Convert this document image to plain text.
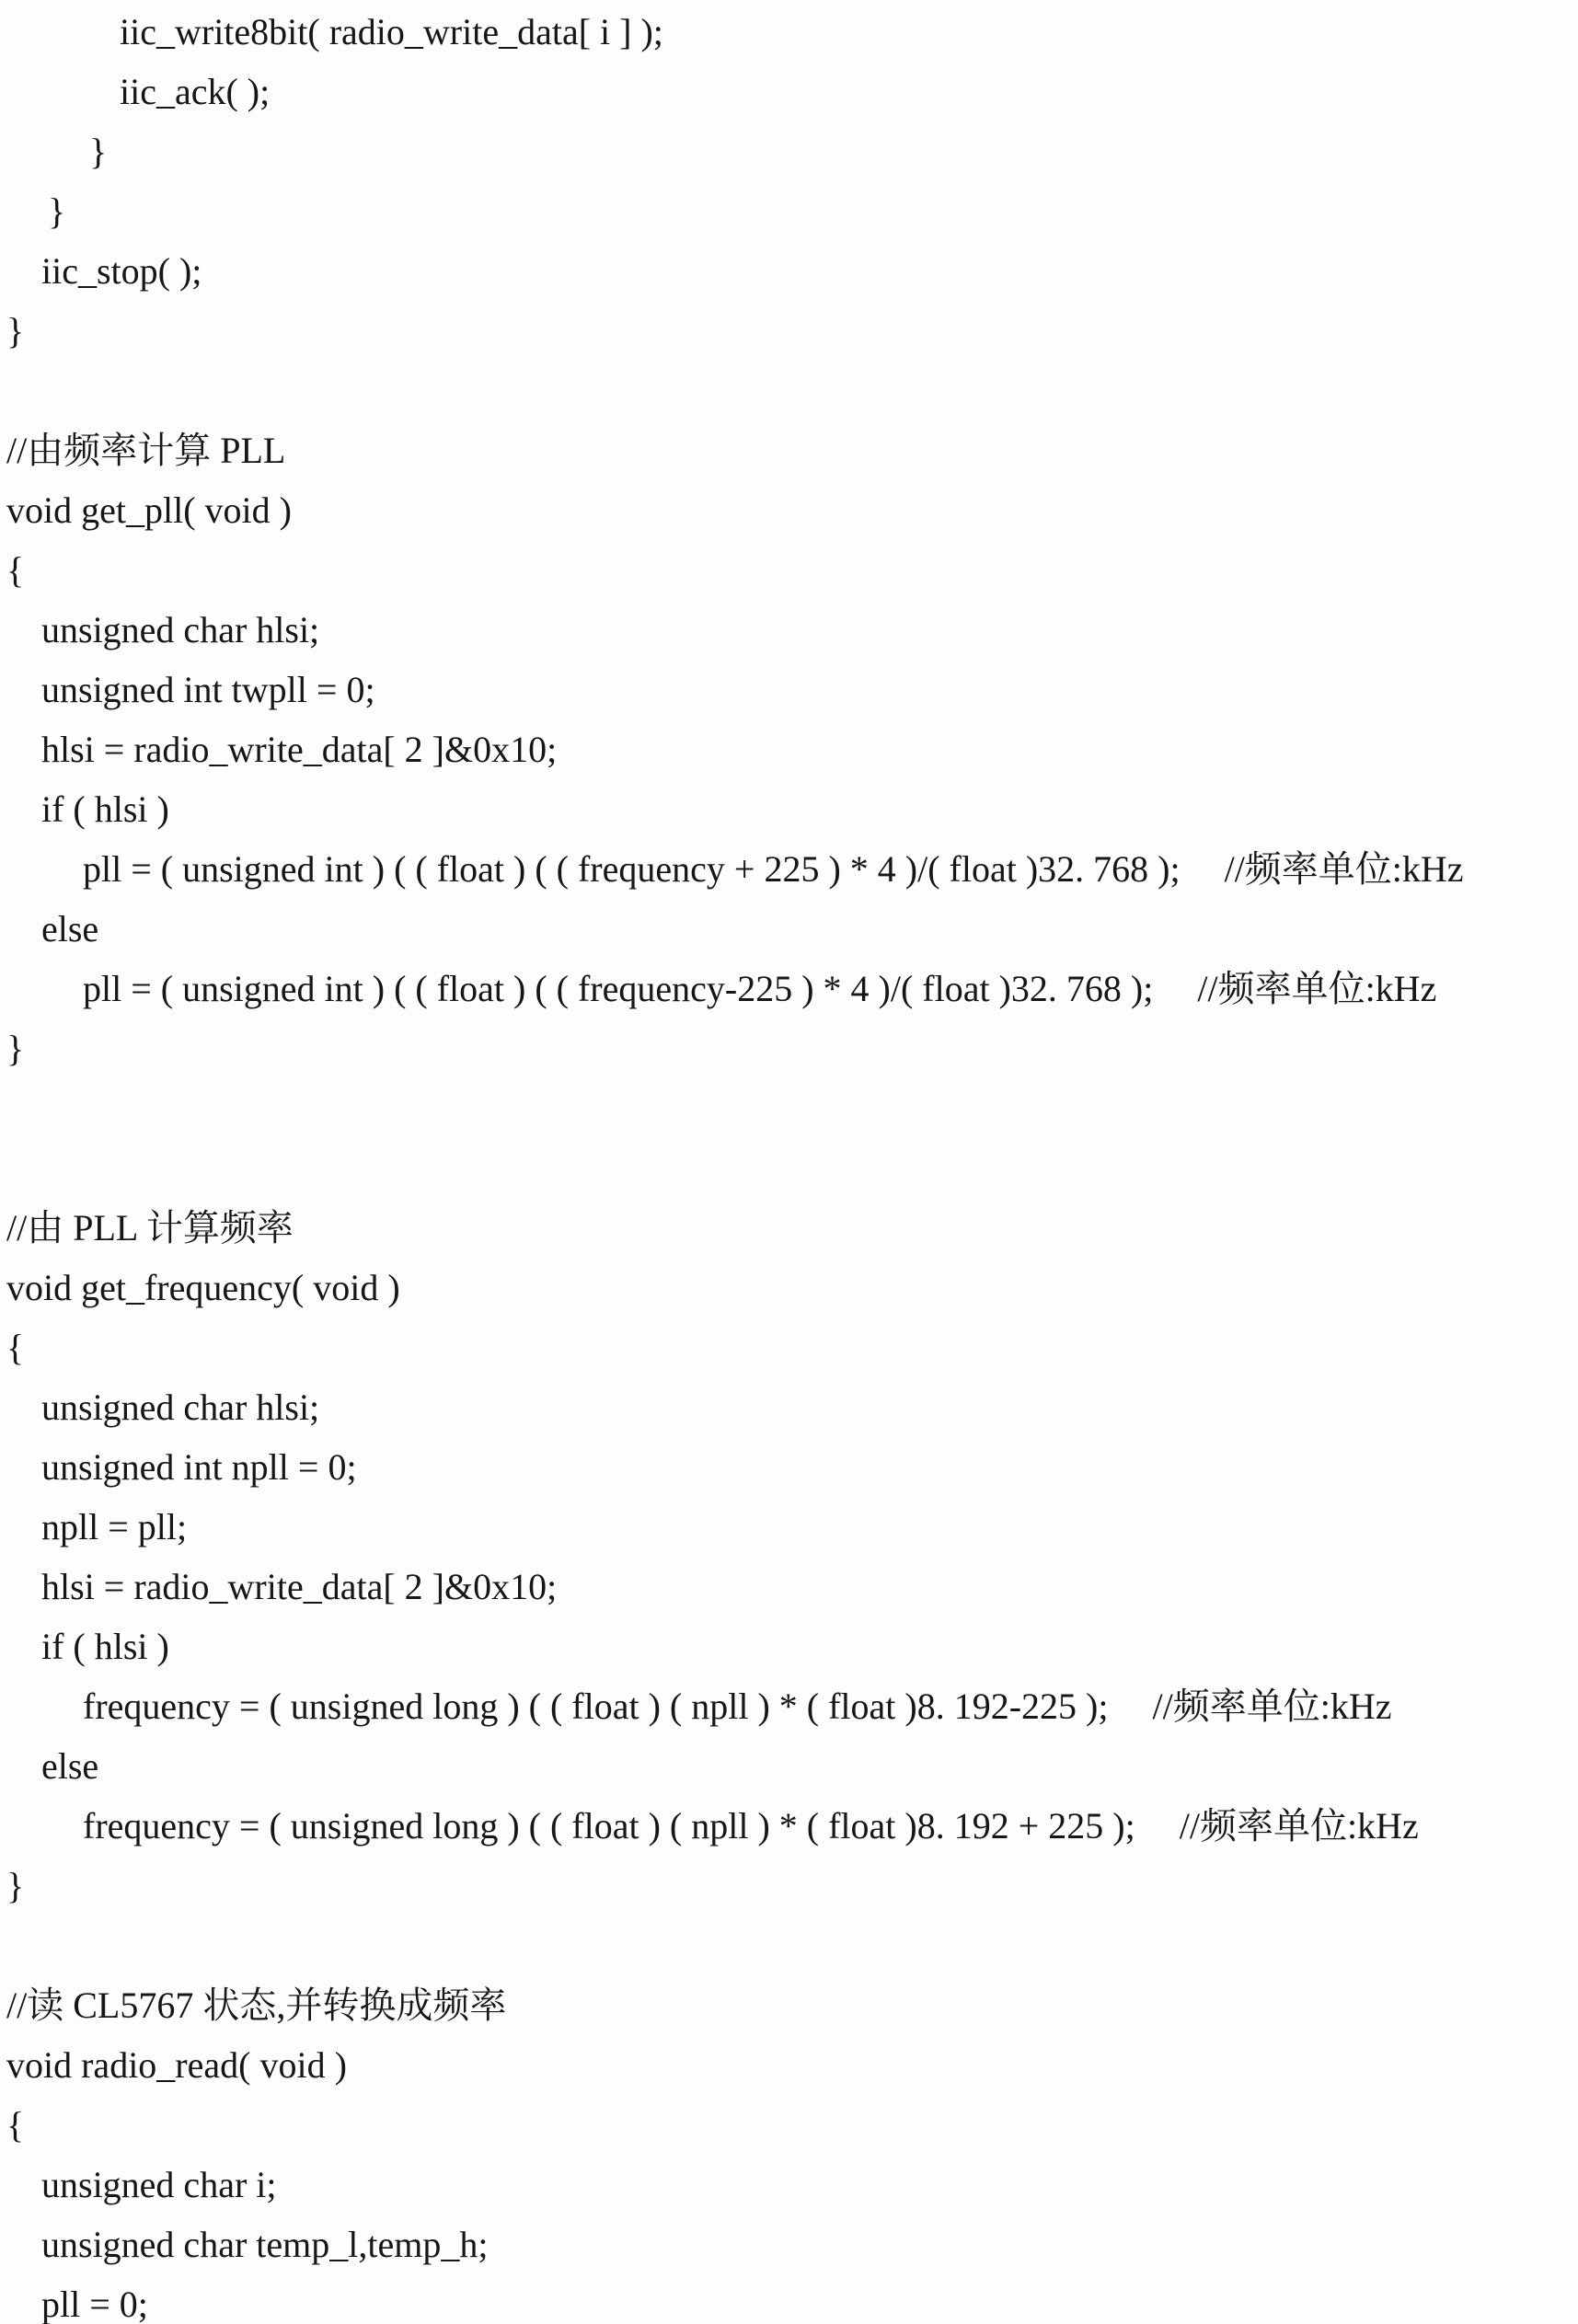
iic_write8bit( radio_write_data[ i ] );
iic_ack( );
}
}
iic_stop( );
}
//由频率计算 PLL
void get_pll( void )
{
unsigned char hlsi;
unsigned int twpll = 0;
hlsi = radio_write_data[ 2 ]&0x10;
if ( hlsi )
pll = ( unsigned int ) ( ( float ) ( ( frequency + 225 ) * 4 )/( float )32. 768 ); //频率单位:kHz
else
pll = ( unsigned int ) ( ( float ) ( ( frequency-225 ) * 4 )/( float )32. 768 ); //频率单位:kHz
}
//由 PLL 计算频率
void get_frequency( void )
{
unsigned char hlsi;
unsigned int npll = 0;
npll = pll;
hlsi = radio_write_data[ 2 ]&0x10;
if ( hlsi )
frequency = ( unsigned long ) ( ( float ) ( npll ) * ( float )8. 192-225 ); //频率单位:kHz
else
frequency = ( unsigned long ) ( ( float ) ( npll ) * ( float )8. 192 + 225 ); //频率单位:kHz
}
//读 CL5767 状态,并转换成频率
void radio_read( void )
{
unsigned char i;
unsigned char temp_l,temp_h;
pll = 0;
